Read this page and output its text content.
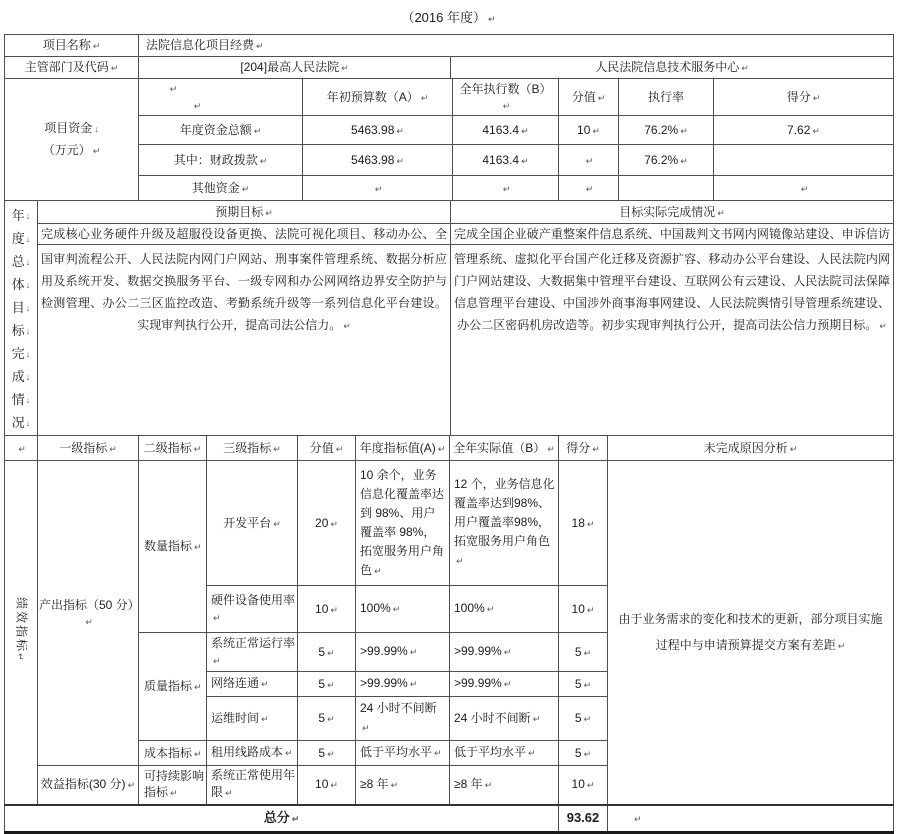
（2016 年度） ↵
项目名称 ↵	法院信息化项目经费 ↵	
主管部门及代码 ↵	[204]最高人民法院 ↵	人民法院信息技术服务中心 ↵
项目资金 ↓
（万元） ↵	↵↵	年初预算数（A） ↵	全年执行数（B）↵	分值 ↵	执行率	得分 ↵
	年度资金总额 ↵	5463.98 ↵	4163.4 ↵	10 ↵	76.2% ↵	7.62 ↵
	其中：财政拨款 ↵	5463.98 ↵	4163.4 ↵	↵	76.2% ↵	
	其他资金 ↵	↵	↵	↵		↵
年 ↓
度 ↓
总 ↓
体 ↓
目 ↓
标 ↓
完 ↓
成 ↓
情 ↓
况 ↓
	预期目标 ↵	目标实际完成情况 ↵
	完成核心业务硬件升级及超服役设备更换、法院可视化项目、移动办公、全	完成全国企业破产重整案件信息系统、中国裁判文书网内网镜像站建设、申诉信访
	国审判流程公开、人民法院内网门户网站、刑事案件管理系统、数据分析应用及系统开发、数据交换服务平台、一级专网和办公网网络边界安全防护与检测管理、办公二三区监控改造、考勤系统升级等一系列信息化平台建设。实现审判执行公开，提高司法公信力。 ↵	管理系统、虚拟化平台国产化迁移及资源扩容、移动办公平台建设、人民法院内网门户网站建设、大数据集中管理平台建设、互联网公有云建设、人民法院司法保障信息管理平台建设、中国涉外商事海事网建设、人民法院舆情引导管理系统建设、办公二区密码机房改造等。初步实现审判执行公开，提高司法公信力预期目标。 ↵
↵	一级指标 ↵	二级指标 ↵	三级指标 ↵	分值 ↵	年度指标值(A) ↵	全年实际值（B） ↵	得分 ↵	未完成原因分析 ↵
绩效指标↵	产出指标（50 分）↵	数量指标 ↵	开发平台 ↵	20 ↵	10 余个，业务信息化覆盖率达到 98%、用户覆盖率 98%，拓宽服务用户角色 ↵	12 个，业务信息化覆盖率达到98%、用户覆盖率98%，拓宽服务用户角色↵	18 ↵	由于业务需求的变化和技术的更新，部分项目实施过程中与申请预算提交方案有差距 ↵
			硬件设备使用率↵	10 ↵	100% ↵	100% ↵	10 ↵	
		质量指标 ↵	系统正常运行率↵	5 ↵	>99.99% ↵	>99.99% ↵	5 ↵	
			网络连通 ↵	5 ↵	>99.99% ↵	>99.99% ↵	5 ↵	
			运维时间 ↵	5 ↵	24 小时不间断↵	24 小时不间断 ↵	5 ↵	
		成本指标 ↵	租用线路成本 ↵	5 ↵	低于平均水平 ↵	低于平均水平 ↵	5 ↵	
	效益指标(30 分) ↵	可持续影响指标 ↵	系统正常使用年限 ↵	10 ↵	≥8 年 ↵	≥8 年 ↵	10 ↵	
总分 ↵							93.62	↵
